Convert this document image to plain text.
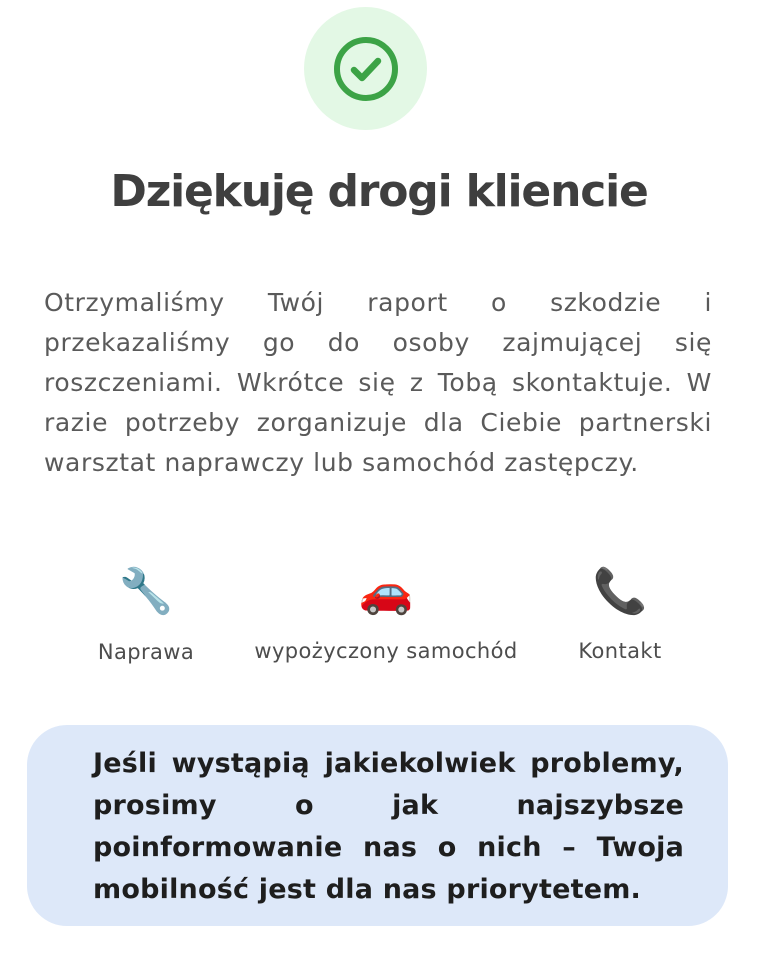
Dziękuję drogi kliencie

Otrzymaliśmy Twój raport o szkodzie i przekazaliśmy go do osoby zajmującej się roszczeniami. Wkrótce się z Tobą skontaktuje. W razie potrzeby zorganizuje dla Ciebie partnerski warsztat naprawczy lub samochód zastępczy.

🔧
Naprawa
🚗
wypożyczony samochód
📞
Kontakt

Jeśli wystąpią jakiekolwiek problemy, prosimy o jak najszybsze poinformowanie nas o nich – Twoja mobilność jest dla nas priorytetem.
